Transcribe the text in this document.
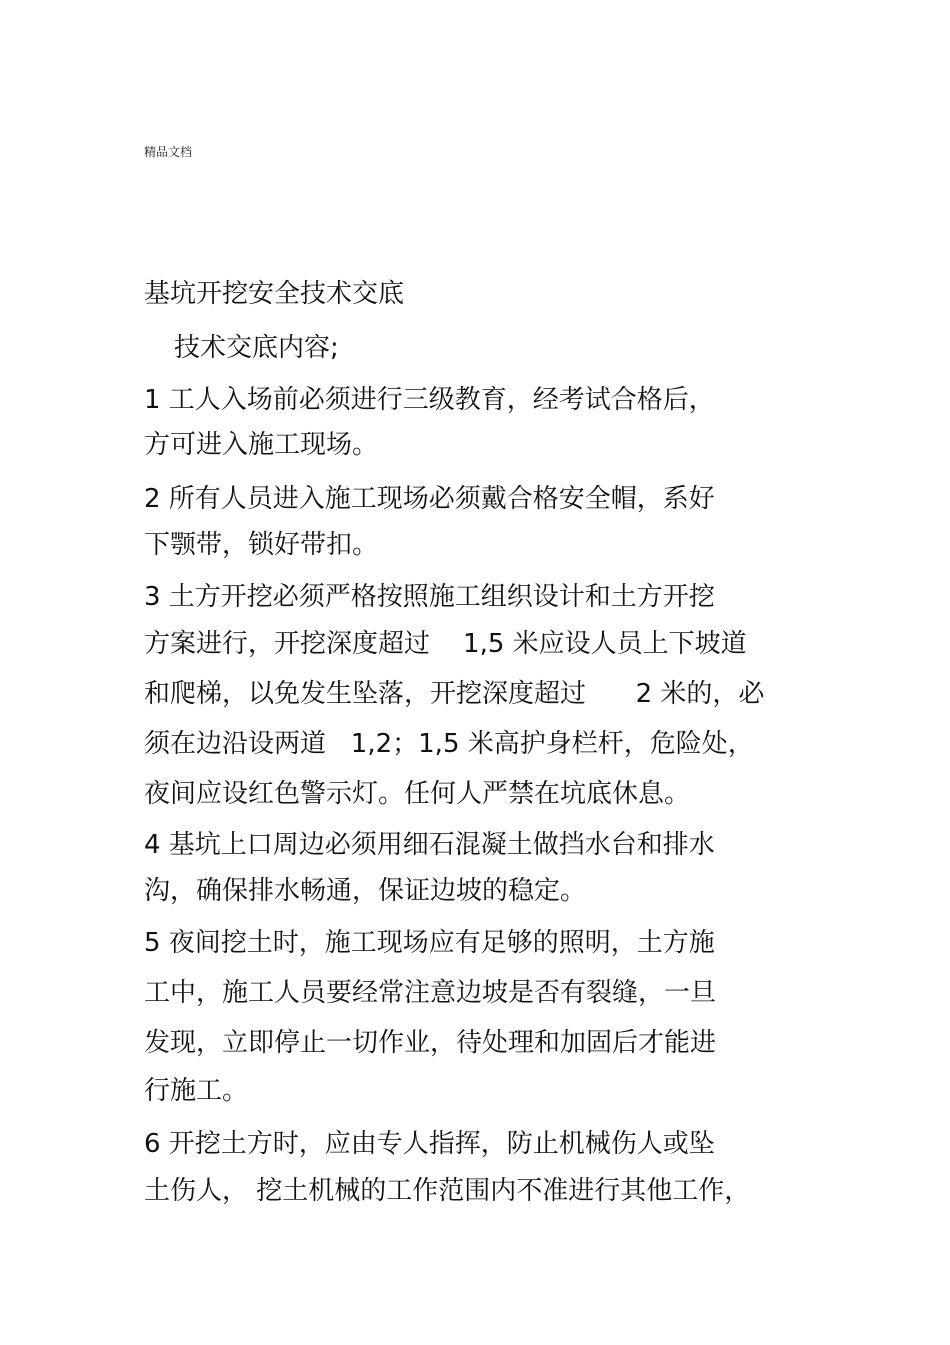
精品文档
基坑开挖安全技术交底
技术交底内容;
1 工人入场前必须进行三级教育，经考试合格后，
方可进入施工现场。
2 所有人员进入施工现场必须戴合格安全帽，系好
下颚带，锁好带扣。
3 土方开挖必须严格按照施工组织设计和土方开挖
方案进行，开挖深度超过    1,5 米应设人员上下坡道
和爬梯，以免发生坠落，开挖深度超过      2 米的，必
须在边沿设两道   1,2；1,5 米高护身栏杆，危险处，
夜间应设红色警示灯。任何人严禁在坑底休息。
4 基坑上口周边必须用细石混凝土做挡水台和排水
沟，确保排水畅通，保证边坡的稳定。
5 夜间挖土时，施工现场应有足够的照明，土方施
工中，施工人员要经常注意边坡是否有裂缝，一旦
发现，立即停止一切作业，待处理和加固后才能进
行施工。
6 开挖土方时，应由专人指挥，防止机械伤人或坠
土伤人， 挖土机械的工作范围内不准进行其他工作，
